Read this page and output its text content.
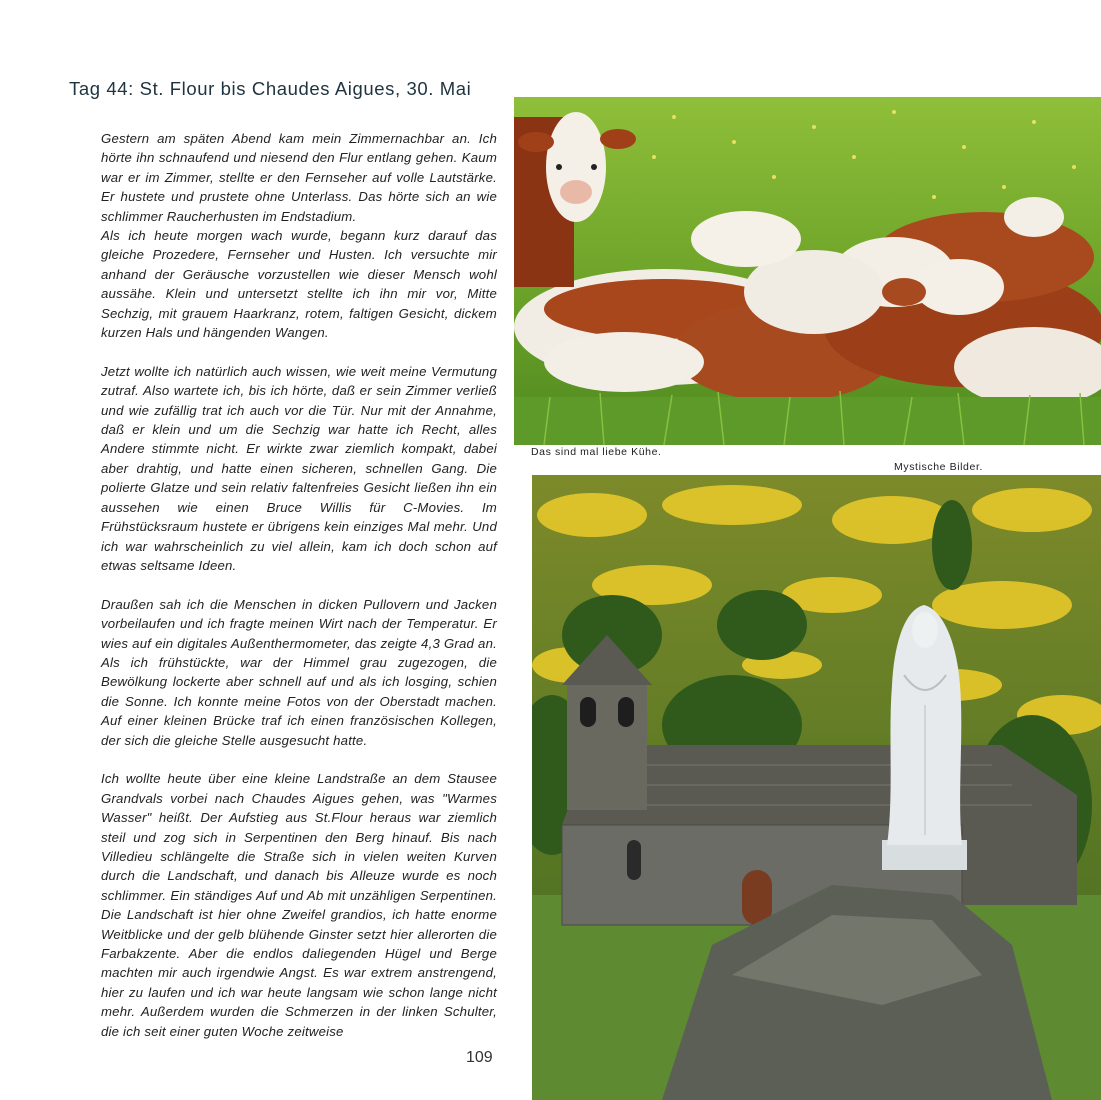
Tag 44: St. Flour bis Chaudes Aigues, 30. Mai

Gestern am späten Abend kam mein Zimmernachbar an. Ich hörte ihn schnaufend und niesend den Flur entlang gehen. Kaum war er im Zimmer, stellte er den Fernseher auf volle Lautstärke. Er hustete und prustete ohne Unterlass. Das hörte sich an wie schlimmer Raucherhusten im Endstadium.

Als ich heute morgen wach wurde, begann kurz darauf das gleiche Prozedere, Fernseher und Husten. Ich versuchte mir anhand der Geräusche vorzustellen wie dieser Mensch wohl aussähe. Klein und untersetzt stellte ich ihn mir vor, Mitte Sechzig, mit grauem Haarkranz, rotem, faltigen Gesicht, dickem kurzen Hals und hängenden Wangen.

Jetzt wollte ich natürlich auch wissen, wie weit meine Vermutung zutraf. Also wartete ich, bis ich hörte, daß er sein Zimmer verließ und wie zufällig trat ich auch vor die Tür. Nur mit der Annahme, daß er klein und um die Sechzig war hatte ich Recht, alles Andere stimmte nicht. Er wirkte zwar ziemlich kompakt, dabei aber drahtig, und hatte einen sicheren, schnellen Gang. Die polierte Glatze und sein relativ faltenfreies Gesicht ließen ihn ein aussehen wie einen Bruce Willis für C-Movies. Im Frühstücksraum hustete er übrigens kein einziges Mal mehr. Und ich war wahrscheinlich zu viel allein, kam ich doch schon auf etwas seltsame Ideen.

Draußen sah ich die Menschen in dicken Pullovern und Jacken vorbeilaufen und ich fragte meinen Wirt nach der Temperatur. Er wies auf ein digitales Außenthermometer, das zeigte 4,3 Grad an. Als ich frühstückte, war der Himmel grau zugezogen, die Bewölkung lockerte aber schnell auf und als ich losging, schien die Sonne. Ich konnte meine Fotos von der Oberstadt machen. Auf einer kleinen Brücke traf ich einen französischen Kollegen, der sich die gleiche Stelle ausgesucht hatte.

Ich wollte heute über eine kleine Landstraße an dem Stausee Grandvals vorbei nach Chaudes Aigues gehen, was "Warmes Wasser" heißt. Der Aufstieg aus St.Flour heraus war ziemlich steil und zog sich in Serpentinen den Berg hinauf. Bis nach Villedieu schlängelte die Straße sich in vielen weiten Kurven durch die Landschaft, und danach bis Alleuze wurde es noch schlimmer. Ein ständiges Auf und Ab mit unzähligen Serpentinen. Die Landschaft ist hier ohne Zweifel grandios, ich hatte enorme Weitblicke und der gelb blühende Ginster setzt hier allerorten die Farbakzente. Aber die endlos daliegenden Hügel und Berge machten mir auch irgendwie Angst. Es war extrem anstrengend, hier zu laufen und ich war heute langsam wie schon lange nicht mehr. Außerdem wurden die Schmerzen in der linken Schulter, die ich seit einer guten Woche zeitweise

109
Das sind mal liebe Kühe.
Mystische Bilder.
